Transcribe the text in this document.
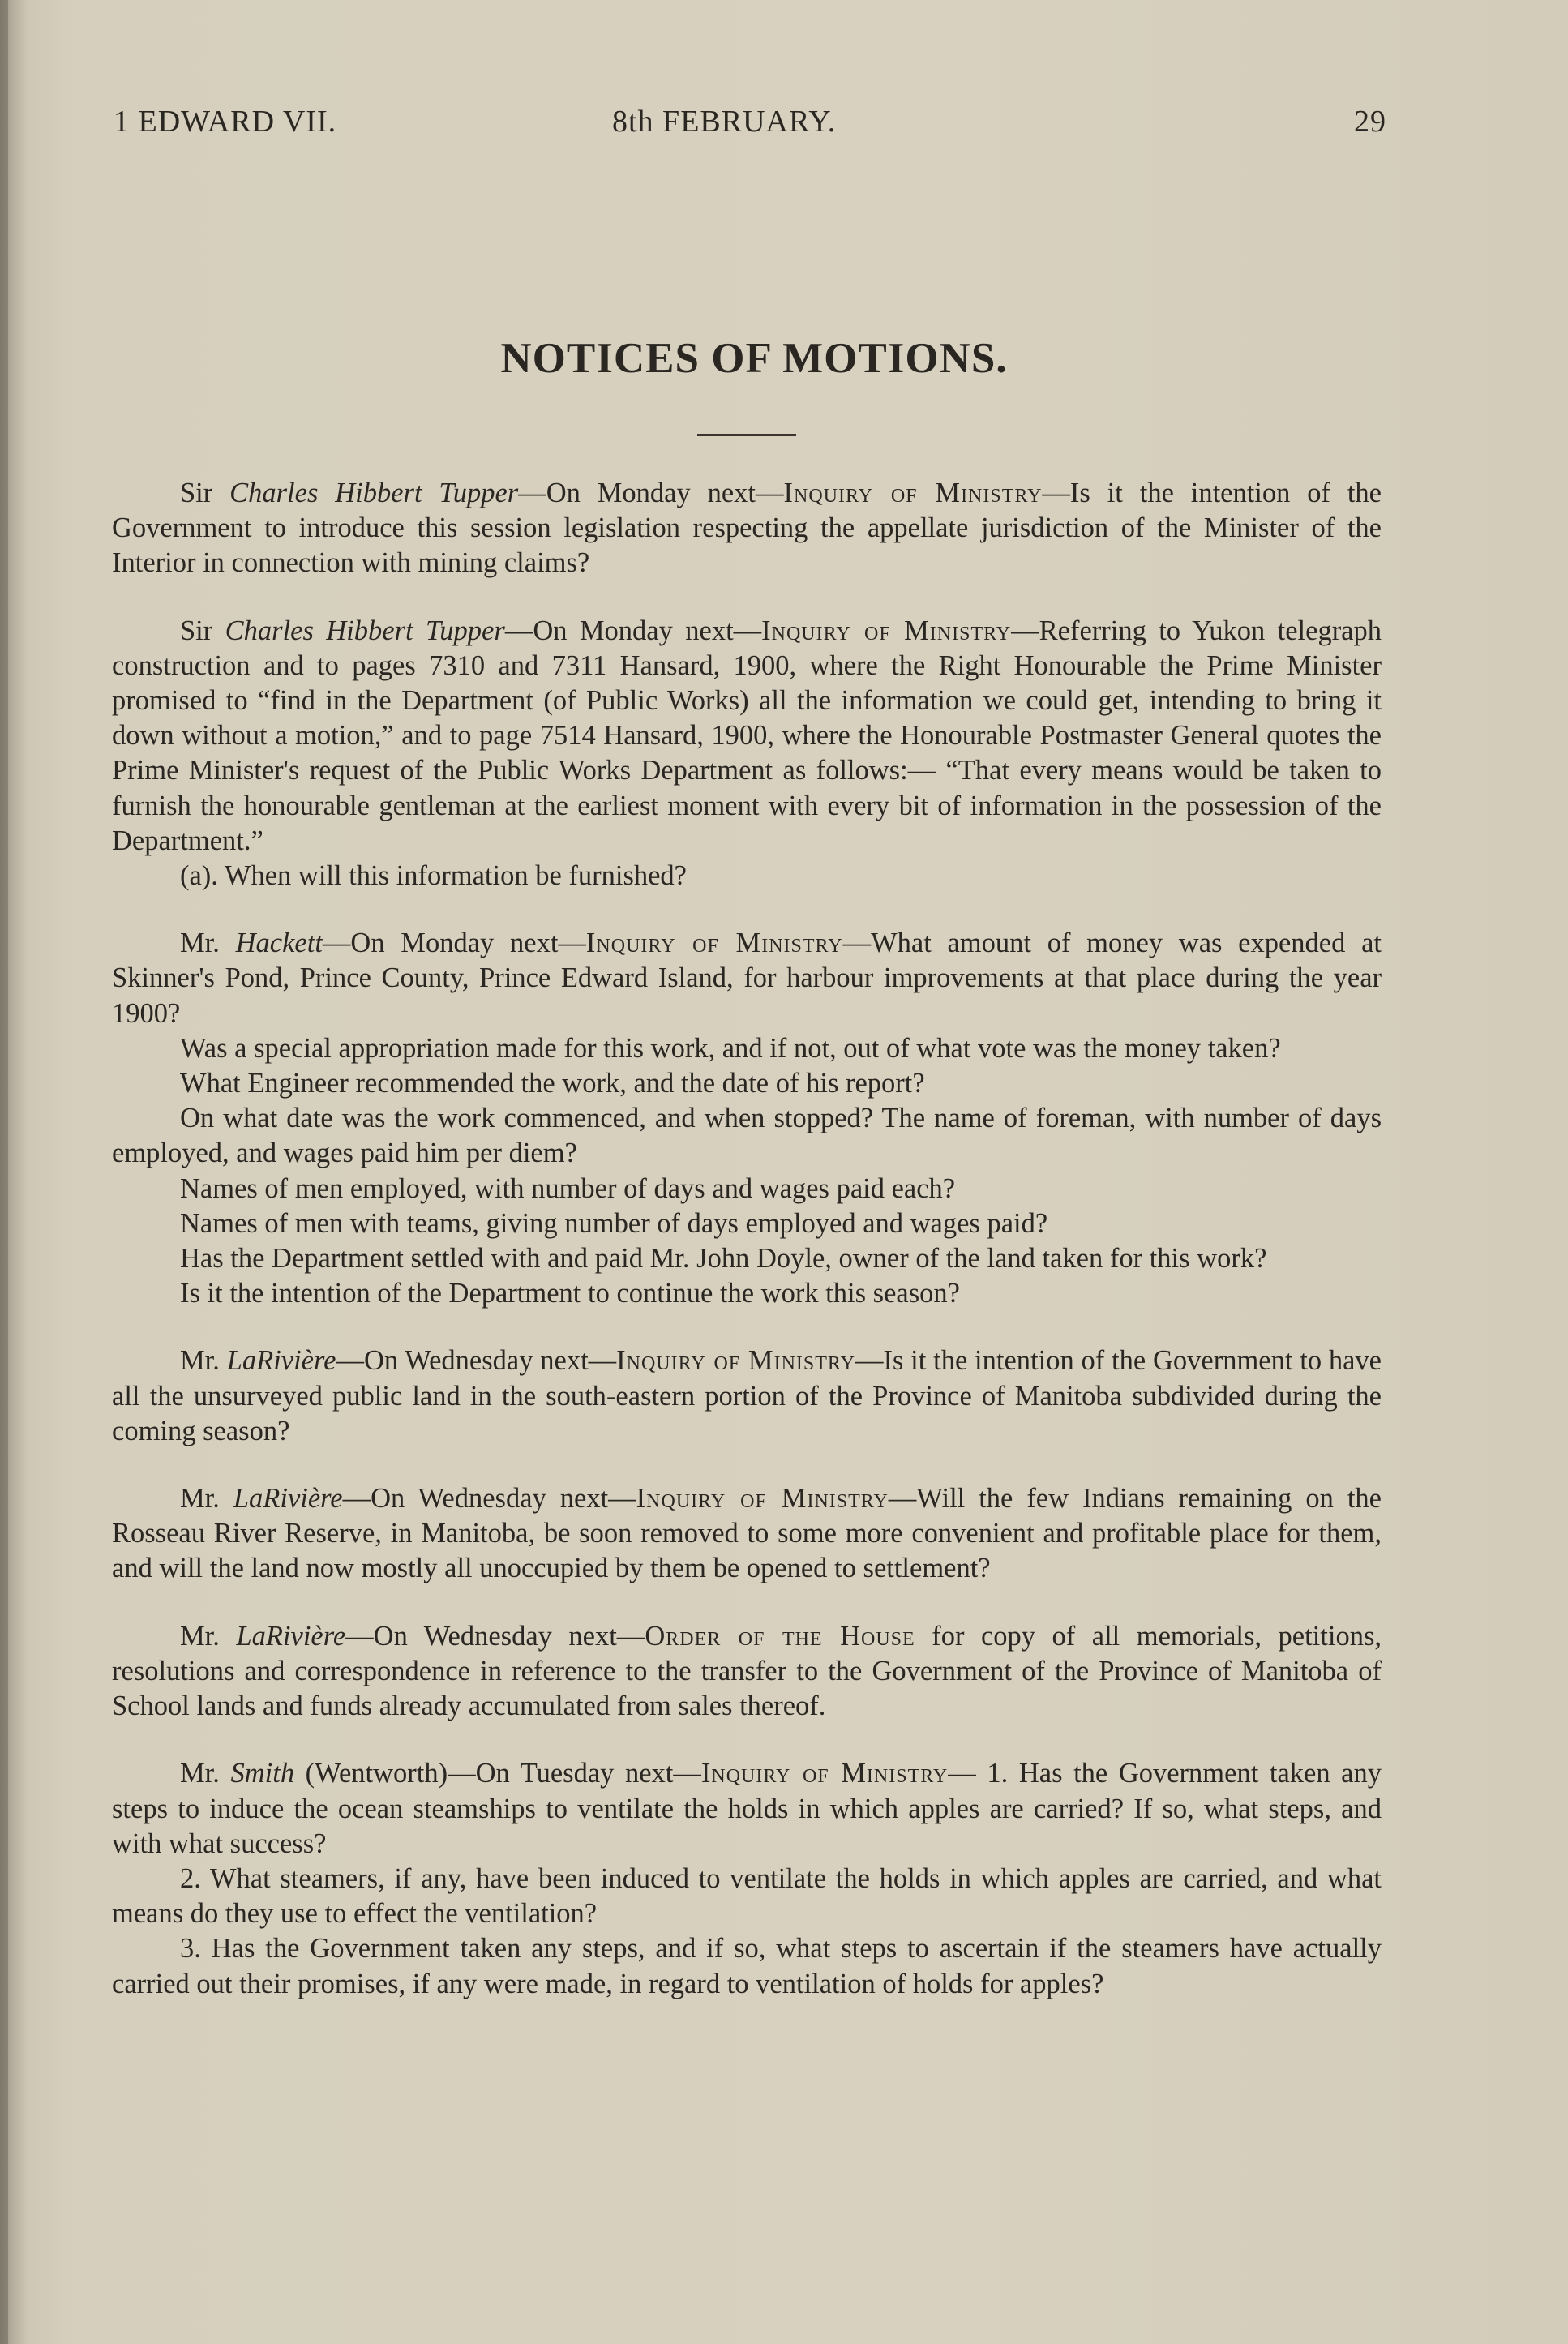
1 EDWARD VII.	8th FEBRUARY.	29
NOTICES OF MOTIONS.

Sir Charles Hibbert Tupper—On Monday next—Inquiry of Ministry—Is it the intention of the Government to introduce this session legislation respecting the appellate jurisdiction of the Minister of the Interior in connection with mining claims?

Sir Charles Hibbert Tupper—On Monday next—Inquiry of Ministry—Referring to Yukon telegraph construction and to pages 7310 and 7311 Hansard, 1900, where the Right Honourable the Prime Minister promised to “find in the Department (of Public Works) all the information we could get, intending to bring it down without a motion,” and to page 7514 Hansard, 1900, where the Honourable Postmaster General quotes the Prime Minister's request of the Public Works Department as follows:— “That every means would be taken to furnish the honourable gentleman at the earliest moment with every bit of information in the possession of the Department.”

(a). When will this information be furnished?

Mr. Hackett—On Monday next—Inquiry of Ministry—What amount of money was expended at Skinner's Pond, Prince County, Prince Edward Island, for harbour improvements at that place during the year 1900?

Was a special appropriation made for this work, and if not, out of what vote was the money taken?

What Engineer recommended the work, and the date of his report?

On what date was the work commenced, and when stopped? The name of foreman, with number of days employed, and wages paid him per diem?

Names of men employed, with number of days and wages paid each?

Names of men with teams, giving number of days employed and wages paid?

Has the Department settled with and paid Mr. John Doyle, owner of the land taken for this work?

Is it the intention of the Department to continue the work this season?

Mr. LaRivière—On Wednesday next—Inquiry of Ministry—Is it the intention of the Government to have all the unsurveyed public land in the south-eastern portion of the Province of Manitoba subdivided during the coming season?

Mr. LaRivière—On Wednesday next—Inquiry of Ministry—Will the few Indians remaining on the Rosseau River Reserve, in Manitoba, be soon removed to some more convenient and profitable place for them, and will the land now mostly all unoccupied by them be opened to settlement?

Mr. LaRivière—On Wednesday next—Order of the House for copy of all memorials, petitions, resolutions and correspondence in reference to the transfer to the Government of the Province of Manitoba of School lands and funds already accumulated from sales thereof.

Mr. Smith (Wentworth)—On Tuesday next—Inquiry of Ministry— 1. Has the Government taken any steps to induce the ocean steamships to ventilate the holds in which apples are carried? If so, what steps, and with what success?

2. What steamers, if any, have been induced to ventilate the holds in which apples are carried, and what means do they use to effect the ventilation?

3. Has the Government taken any steps, and if so, what steps to ascertain if the steamers have actually carried out their promises, if any were made, in regard to ventilation of holds for apples?
